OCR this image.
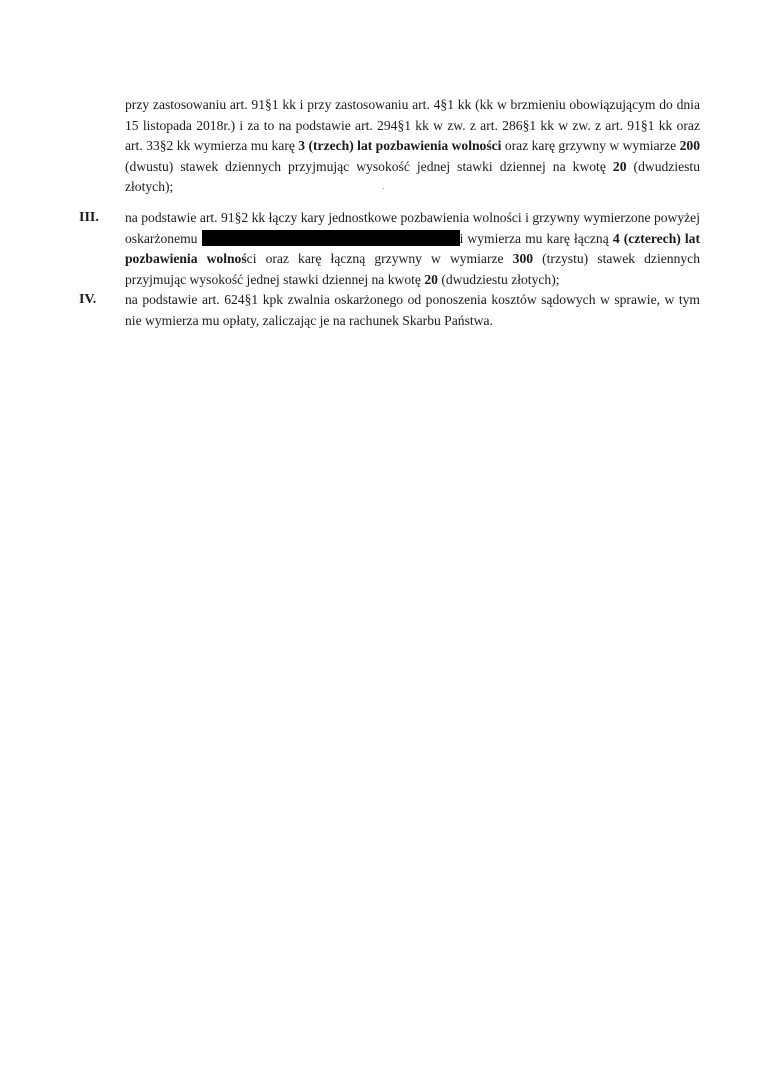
przy zastosowaniu art. 91§1 kk i przy zastosowaniu art. 4§1 kk (kk w brzmieniu obowiązującym do dnia 15 listopada 2018r.) i za to na podstawie art. 294§1 kk w zw. z art. 286§1 kk w zw. z art. 91§1 kk oraz art. 33§2 kk wymierza mu karę 3 (trzech) lat pozbawienia wolności oraz karę grzywny w wymiarze 200 (dwustu) stawek dziennych przyjmując wysokość jednej stawki dziennej na kwotę 20 (dwudziestu złotych);

III. na podstawie art. 91§2 kk łączy kary jednostkowe pozbawienia wolności i grzywny wymierzone powyżej oskarżonemu	i wymierza mu karę łączną 4 (czterech) lat pozbawienia wolności oraz karę łączną grzywny w wymiarze 300 (trzystu) stawek dziennych przyjmując wysokość jednej stawki dziennej na kwotę 20 (dwudziestu złotych);

IV. na podstawie art. 624§1 kpk zwalnia oskarżonego od ponoszenia kosztów sądowych w sprawie, w tym nie wymierza mu opłaty, zaliczając je na rachunek Skarbu Państwa.
